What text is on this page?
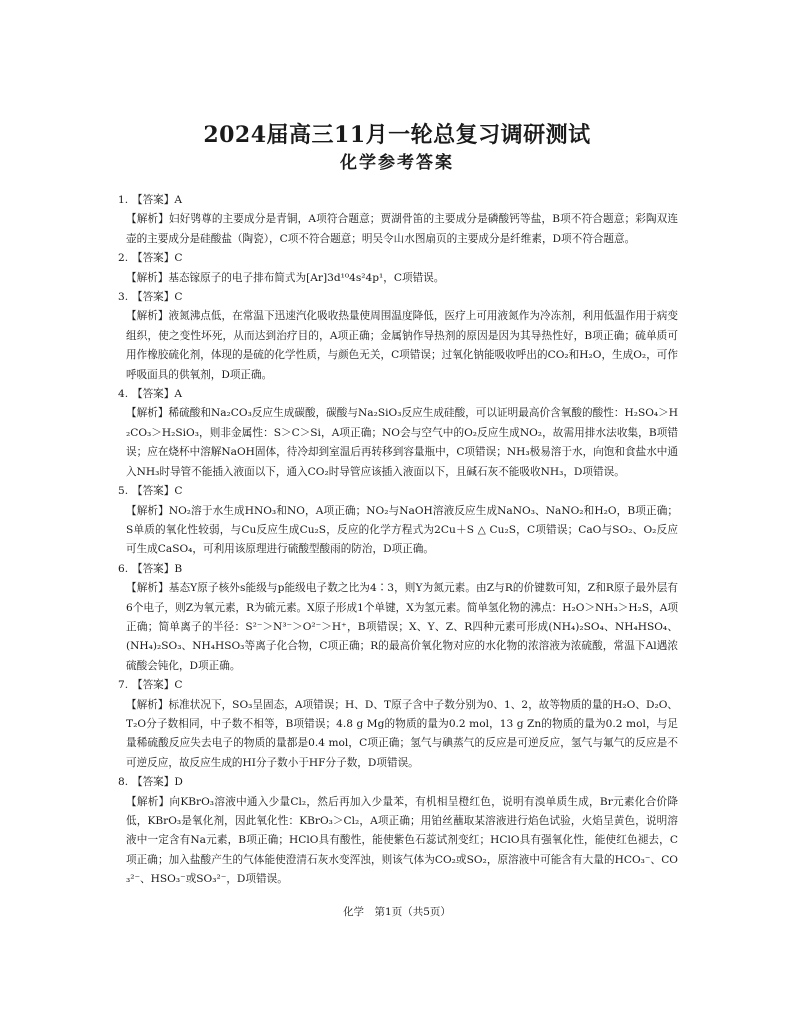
2024届高三11月一轮总复习调研测试
化学参考答案
1. 【答案】A
【解析】妇好鸮尊的主要成分是青铜，A项符合题意；贾湖骨笛的主要成分是磷酸钙等盐，B项不符合题意；彩陶双连壶的主要成分是硅酸盐（陶瓷），C项不符合题意；明吴令山水图扇页的主要成分是纤维素，D项不符合题意。
2. 【答案】C
【解析】基态镓原子的电子排布简式为[Ar]3d¹⁰4s²4p¹，C项错误。
3. 【答案】C
【解析】液氮沸点低，在常温下迅速汽化吸收热量使周围温度降低，医疗上可用液氮作为冷冻剂，利用低温作用于病变组织，使之变性坏死，从而达到治疗目的，A项正确；金属钠作导热剂的原因是因为其导热性好，B项正确；硫单质可用作橡胶硫化剂，体现的是硫的化学性质，与颜色无关，C项错误；过氧化钠能吸收呼出的CO₂和H₂O，生成O₂，可作呼吸面具的供氧剂，D项正确。
4. 【答案】A
【解析】稀硫酸和Na₂CO₃反应生成碳酸，碳酸与Na₂SiO₃反应生成硅酸，可以证明最高价含氧酸的酸性：H₂SO₄＞H₂CO₃＞H₂SiO₃，则非金属性：S＞C＞Si，A项正确；NO会与空气中的O₂反应生成NO₂，故需用排水法收集，B项错误；应在烧杯中溶解NaOH固体，待冷却到室温后再转移到容量瓶中，C项错误；NH₃极易溶于水，向饱和食盐水中通入NH₃时导管不能插入液面以下，通入CO₂时导管应该插入液面以下，且碱石灰不能吸收NH₃，D项错误。
5. 【答案】C
【解析】NO₂溶于水生成HNO₃和NO，A项正确；NO₂与NaOH溶液反应生成NaNO₃、NaNO₂和H₂O，B项正确；S单质的氧化性较弱，与Cu反应生成Cu₂S，反应的化学方程式为2Cu＋S △ Cu₂S，C项错误；CaO与SO₂、O₂反应可生成CaSO₄，可利用该原理进行硫酸型酸雨的防治，D项正确。
6. 【答案】B
【解析】基态Y原子核外s能级与p能级电子数之比为4∶3，则Y为氮元素。由Z与R的价键数可知，Z和R原子最外层有6个电子，则Z为氧元素，R为硫元素。X原子形成1个单键，X为氢元素。简单氢化物的沸点：H₂O＞NH₃＞H₂S，A项正确；简单离子的半径：S²⁻＞N³⁻＞O²⁻＞H⁺，B项错误；X、Y、Z、R四种元素可形成(NH₄)₂SO₄、NH₄HSO₄、(NH₄)₂SO₃、NH₄HSO₃等离子化合物，C项正确；R的最高价氧化物对应的水化物的浓溶液为浓硫酸，常温下Al遇浓硫酸会钝化，D项正确。
7. 【答案】C
【解析】标准状况下，SO₃呈固态，A项错误；H、D、T原子含中子数分别为0、1、2，故等物质的量的H₂O、D₂O、T₂O分子数相同，中子数不相等，B项错误；4.8 g Mg的物质的量为0.2 mol，13 g Zn的物质的量为0.2 mol，与足量稀硫酸反应失去电子的物质的量都是0.4 mol，C项正确；氢气与碘蒸气的反应是可逆反应，氢气与氟气的反应是不可逆反应，故反应生成的HI分子数小于HF分子数，D项错误。
8. 【答案】D
【解析】向KBrO₃溶液中通入少量Cl₂，然后再加入少量苯，有机相呈橙红色，说明有溴单质生成，Br元素化合价降低，KBrO₃是氧化剂，因此氧化性：KBrO₃＞Cl₂，A项正确；用铂丝蘸取某溶液进行焰色试验，火焰呈黄色，说明溶液中一定含有Na元素，B项正确；HClO具有酸性，能使紫色石蕊试剂变红；HClO具有强氧化性，能使红色褪去，C项正确；加入盐酸产生的气体能使澄清石灰水变浑浊，则该气体为CO₂或SO₂，原溶液中可能含有大量的HCO₃⁻、CO₃²⁻、HSO₃⁻或SO₃²⁻，D项错误。
化学　第1页（共5页）
